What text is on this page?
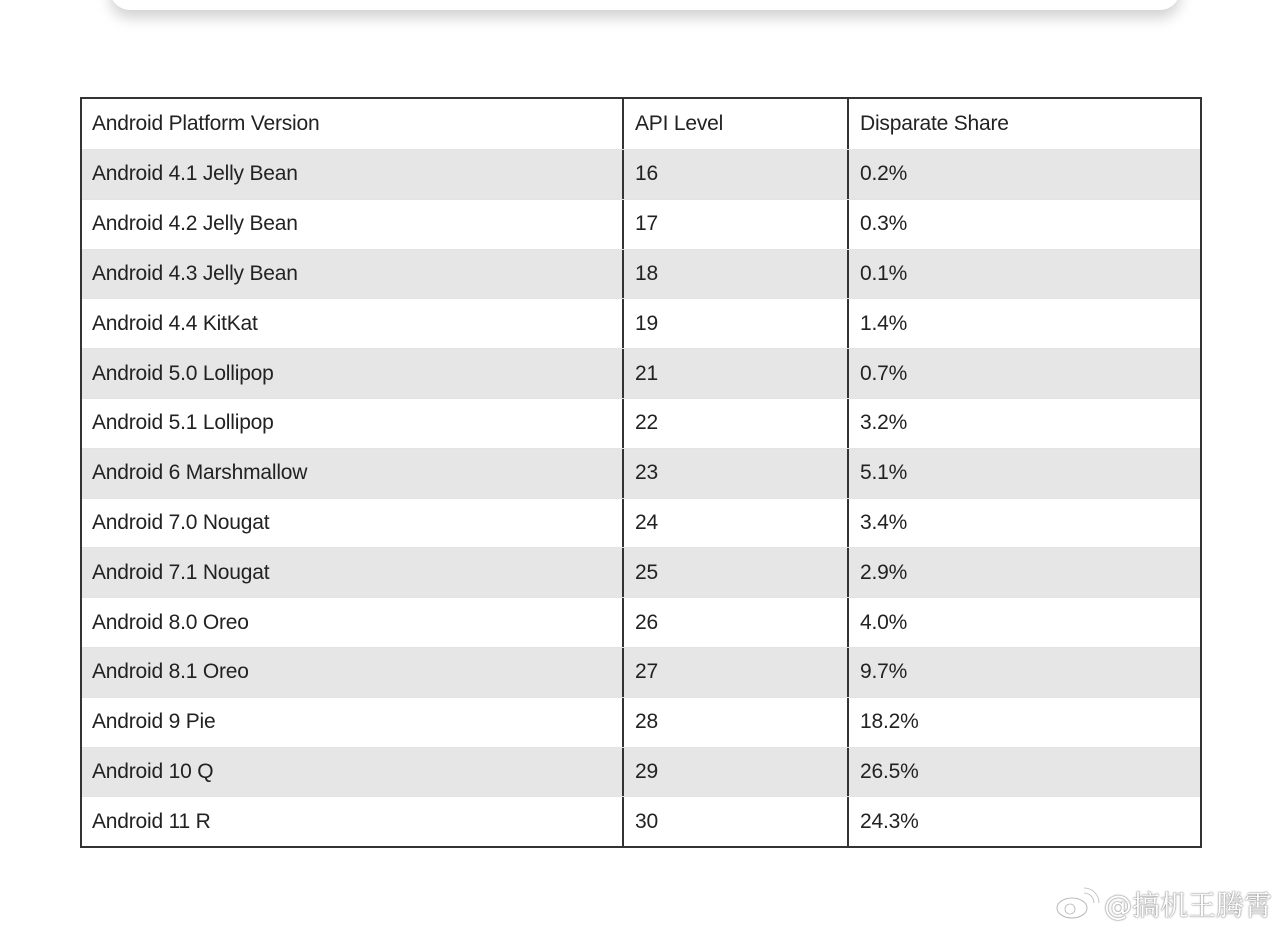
Android Platform Version	API Level	Disparate Share
Android 4.1 Jelly Bean	16	0.2%
Android 4.2 Jelly Bean	17	0.3%
Android 4.3 Jelly Bean	18	0.1%
Android 4.4 KitKat	19	1.4%
Android 5.0 Lollipop	21	0.7%
Android 5.1 Lollipop	22	3.2%
Android 6 Marshmallow	23	5.1%
Android 7.0 Nougat	24	3.4%
Android 7.1 Nougat	25	2.9%
Android 8.0 Oreo	26	4.0%
Android 8.1 Oreo	27	9.7%
Android 9 Pie	28	18.2%
Android 10 Q	29	26.5%
Android 11 R	30	24.3%
@搞机王腾霄
